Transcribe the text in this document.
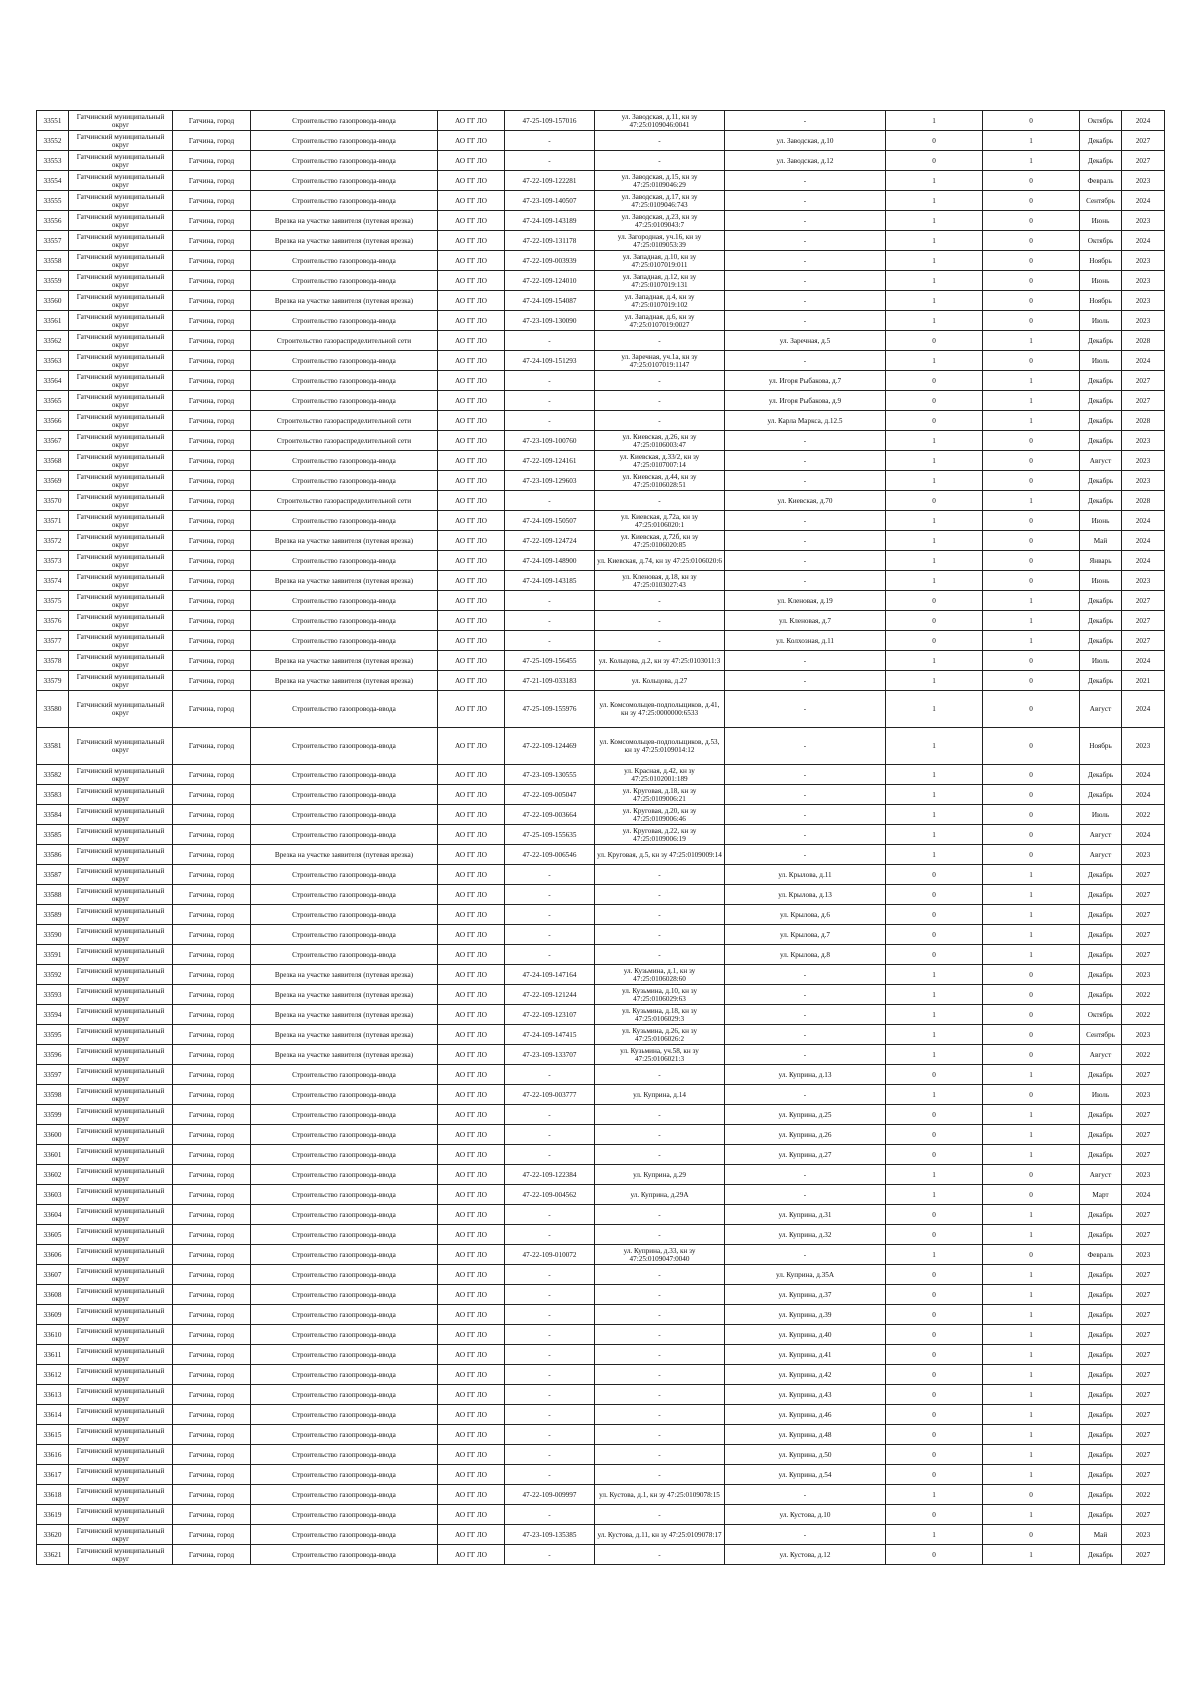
33551	Гатчинский муниципальный округ	Гатчина, город	Строительство газопровода-ввода	АО ГГ ЛО	47-25-109-157016	ул. Заводская, д.11, кн зу 47:25:0109046:0041	-	1	0	Октябрь	2024
33552	Гатчинский муниципальный округ	Гатчина, город	Строительство газопровода-ввода	АО ГГ ЛО	-	-	ул. Заводская, д.10	0	1	Декабрь	2027
33553	Гатчинский муниципальный округ	Гатчина, город	Строительство газопровода-ввода	АО ГГ ЛО	-	-	ул. Заводская, д.12	0	1	Декабрь	2027
33554	Гатчинский муниципальный округ	Гатчина, город	Строительство газопровода-ввода	АО ГГ ЛО	47-22-109-122281	ул. Заводская, д.15, кн зу 47:25:0109046:29	-	1	0	Февраль	2023
33555	Гатчинский муниципальный округ	Гатчина, город	Строительство газопровода-ввода	АО ГГ ЛО	47-23-109-140507	ул. Заводская, д.17, кн зу 47:25:0109046:743	-	1	0	Сентябрь	2024
33556	Гатчинский муниципальный округ	Гатчина, город	Врезка на участке заявителя (путевая врезка)	АО ГГ ЛО	47-24-109-143189	ул. Заводская, д.23, кн зу 47:25:0109043:7	-	1	0	Июнь	2023
33557	Гатчинский муниципальный округ	Гатчина, город	Врезка на участке заявителя (путевая врезка)	АО ГГ ЛО	47-22-109-131178	ул. Загородная, уч.16, кн зу 47:25:0109053:39	-	1	0	Октябрь	2024
33558	Гатчинский муниципальный округ	Гатчина, город	Строительство газопровода-ввода	АО ГГ ЛО	47-22-109-003939	ул. Западная, д.10, кн зу 47:25:0107019:011	-	1	0	Ноябрь	2023
33559	Гатчинский муниципальный округ	Гатчина, город	Строительство газопровода-ввода	АО ГГ ЛО	47-22-109-124010	ул. Западная, д.12, кн зу 47:25:0107019:131	-	1	0	Июнь	2023
33560	Гатчинский муниципальный округ	Гатчина, город	Врезка на участке заявителя (путевая врезка)	АО ГГ ЛО	47-24-109-154087	ул. Западная, д.4, кн зу 47:25:0107019:102	-	1	0	Ноябрь	2023
33561	Гатчинский муниципальный округ	Гатчина, город	Строительство газопровода-ввода	АО ГГ ЛО	47-23-109-130090	ул. Западная, д.6, кн зу 47:25:0107019:0027	-	1	0	Июль	2023
33562	Гатчинский муниципальный округ	Гатчина, город	Строительство газораспределительной сети	АО ГГ ЛО	-	-	ул. Заречная, д.5	0	1	Декабрь	2028
33563	Гатчинский муниципальный округ	Гатчина, город	Строительство газопровода-ввода	АО ГГ ЛО	47-24-109-151293	ул. Заречная, уч.1а, кн зу 47:25:0107019:1147	-	1	0	Июль	2024
33564	Гатчинский муниципальный округ	Гатчина, город	Строительство газопровода-ввода	АО ГГ ЛО	-	-	ул. Игоря Рыбакова, д.7	0	1	Декабрь	2027
33565	Гатчинский муниципальный округ	Гатчина, город	Строительство газопровода-ввода	АО ГГ ЛО	-	-	ул. Игоря Рыбакова, д.9	0	1	Декабрь	2027
33566	Гатчинский муниципальный округ	Гатчина, город	Строительство газораспределительной сети	АО ГГ ЛО	-	-	ул. Карла Маркса, д.12.5	0	1	Декабрь	2028
33567	Гатчинский муниципальный округ	Гатчина, город	Строительство газораспределительной сети	АО ГГ ЛО	47-23-109-100760	ул. Киевская, д.26, кн зу 47:25:0106003:47	-	1	0	Декабрь	2023
33568	Гатчинский муниципальный округ	Гатчина, город	Строительство газопровода-ввода	АО ГГ ЛО	47-22-109-124161	ул. Киевская, д.33/2, кн зу 47:25:0107007:14	-	1	0	Август	2023
33569	Гатчинский муниципальный округ	Гатчина, город	Строительство газопровода-ввода	АО ГГ ЛО	47-23-109-129603	ул. Киевская, д.44, кн зу 47:25:0106028:51	-	1	0	Декабрь	2023
33570	Гатчинский муниципальный округ	Гатчина, город	Строительство газораспределительной сети	АО ГГ ЛО	-	-	ул. Киевская, д.70	0	1	Декабрь	2028
33571	Гатчинский муниципальный округ	Гатчина, город	Строительство газопровода-ввода	АО ГГ ЛО	47-24-109-150507	ул. Киевская, д.72а, кн зу 47:25:0106020:1	-	1	0	Июнь	2024
33572	Гатчинский муниципальный округ	Гатчина, город	Врезка на участке заявителя (путевая врезка)	АО ГГ ЛО	47-22-109-124724	ул. Киевская, д.72б, кн зу 47:25:0106020:85	-	1	0	Май	2024
33573	Гатчинский муниципальный округ	Гатчина, город	Строительство газопровода-ввода	АО ГГ ЛО	47-24-109-148900	ул. Киевская, д.74, кн зу 47:25:0106020:6	-	1	0	Январь	2024
33574	Гатчинский муниципальный округ	Гатчина, город	Врезка на участке заявителя (путевая врезка)	АО ГГ ЛО	47-24-109-143185	ул. Кленовая, д.18, кн зу 47:25:0103027:43	-	1	0	Июнь	2023
33575	Гатчинский муниципальный округ	Гатчина, город	Строительство газопровода-ввода	АО ГГ ЛО	-	-	ул. Кленовая, д.19	0	1	Декабрь	2027
33576	Гатчинский муниципальный округ	Гатчина, город	Строительство газопровода-ввода	АО ГГ ЛО	-	-	ул. Кленовая, д.7	0	1	Декабрь	2027
33577	Гатчинский муниципальный округ	Гатчина, город	Строительство газопровода-ввода	АО ГГ ЛО	-	-	ул. Колхозная, д.11	0	1	Декабрь	2027
33578	Гатчинский муниципальный округ	Гатчина, город	Врезка на участке заявителя (путевая врезка)	АО ГГ ЛО	47-25-109-156455	ул. Кольцова, д.2, кн зу 47:25:0103011:3	-	1	0	Июль	2024
33579	Гатчинский муниципальный округ	Гатчина, город	Врезка на участке заявителя (путевая врезка)	АО ГГ ЛО	47-21-109-033183	ул. Кольцова, д.27	-	1	0	Декабрь	2021
33580	Гатчинский муниципальный округ	Гатчина, город	Строительство газопровода-ввода	АО ГГ ЛО	47-25-109-155976	ул. Комсомольцев-подпольщиков, д.41, кн зу 47:25:0000000:6533	-	1	0	Август	2024
33581	Гатчинский муниципальный округ	Гатчина, город	Строительство газопровода-ввода	АО ГГ ЛО	47-22-109-124469	ул. Комсомольцев-подпольщиков, д.53, кн зу 47:25:0109014:12	-	1	0	Ноябрь	2023
33582	Гатчинский муниципальный округ	Гатчина, город	Строительство газопровода-ввода	АО ГГ ЛО	47-23-109-130555	ул. Красная, д.42, кн зу 47:25:0102001:189	-	1	0	Декабрь	2024
33583	Гатчинский муниципальный округ	Гатчина, город	Строительство газопровода-ввода	АО ГГ ЛО	47-22-109-005047	ул. Круговая, д.18, кн зу 47:25:0109006:21	-	1	0	Декабрь	2024
33584	Гатчинский муниципальный округ	Гатчина, город	Строительство газопровода-ввода	АО ГГ ЛО	47-22-109-003664	ул. Круговая, д.20, кн зу 47:25:0109006:46	-	1	0	Июль	2022
33585	Гатчинский муниципальный округ	Гатчина, город	Строительство газопровода-ввода	АО ГГ ЛО	47-25-109-155635	ул. Круговая, д.22, кн зу 47:25:0109006:19	-	1	0	Август	2024
33586	Гатчинский муниципальный округ	Гатчина, город	Врезка на участке заявителя (путевая врезка)	АО ГГ ЛО	47-22-109-006546	ул. Круговая, д.5, кн зу 47:25:0109009:14	-	1	0	Август	2023
33587	Гатчинский муниципальный округ	Гатчина, город	Строительство газопровода-ввода	АО ГГ ЛО	-	-	ул. Крылова, д.11	0	1	Декабрь	2027
33588	Гатчинский муниципальный округ	Гатчина, город	Строительство газопровода-ввода	АО ГГ ЛО	-	-	ул. Крылова, д.13	0	1	Декабрь	2027
33589	Гатчинский муниципальный округ	Гатчина, город	Строительство газопровода-ввода	АО ГГ ЛО	-	-	ул. Крылова, д.6	0	1	Декабрь	2027
33590	Гатчинский муниципальный округ	Гатчина, город	Строительство газопровода-ввода	АО ГГ ЛО	-	-	ул. Крылова, д.7	0	1	Декабрь	2027
33591	Гатчинский муниципальный округ	Гатчина, город	Строительство газопровода-ввода	АО ГГ ЛО	-	-	ул. Крылова, д.8	0	1	Декабрь	2027
33592	Гатчинский муниципальный округ	Гатчина, город	Врезка на участке заявителя (путевая врезка)	АО ГГ ЛО	47-24-109-147164	ул. Кузьмина, д.1, кн зу 47:25:0106028:60	-	1	0	Декабрь	2023
33593	Гатчинский муниципальный округ	Гатчина, город	Врезка на участке заявителя (путевая врезка)	АО ГГ ЛО	47-22-109-121244	ул. Кузьмина, д.10, кн зу 47:25:0106029:63	-	1	0	Декабрь	2022
33594	Гатчинский муниципальный округ	Гатчина, город	Врезка на участке заявителя (путевая врезка)	АО ГГ ЛО	47-22-109-123107	ул. Кузьмина, д.18, кн зу 47:25:0106029:3	-	1	0	Октябрь	2022
33595	Гатчинский муниципальный округ	Гатчина, город	Врезка на участке заявителя (путевая врезка)	АО ГГ ЛО	47-24-109-147415	ул. Кузьмина, д.26, кн зу 47:25:0106026:2	-	1	0	Сентябрь	2023
33596	Гатчинский муниципальный округ	Гатчина, город	Врезка на участке заявителя (путевая врезка)	АО ГГ ЛО	47-23-109-133707	ул. Кузьмина, уч.58, кн зу 47:25:0106021:3	-	1	0	Август	2022
33597	Гатчинский муниципальный округ	Гатчина, город	Строительство газопровода-ввода	АО ГГ ЛО	-	-	ул. Куприна, д.13	0	1	Декабрь	2027
33598	Гатчинский муниципальный округ	Гатчина, город	Строительство газопровода-ввода	АО ГГ ЛО	47-22-109-003777	ул. Куприна, д.14	-	1	0	Июль	2023
33599	Гатчинский муниципальный округ	Гатчина, город	Строительство газопровода-ввода	АО ГГ ЛО	-	-	ул. Куприна, д.25	0	1	Декабрь	2027
33600	Гатчинский муниципальный округ	Гатчина, город	Строительство газопровода-ввода	АО ГГ ЛО	-	-	ул. Куприна, д.26	0	1	Декабрь	2027
33601	Гатчинский муниципальный округ	Гатчина, город	Строительство газопровода-ввода	АО ГГ ЛО	-	-	ул. Куприна, д.27	0	1	Декабрь	2027
33602	Гатчинский муниципальный округ	Гатчина, город	Строительство газопровода-ввода	АО ГГ ЛО	47-22-109-122384	ул. Куприна, д.29	-	1	0	Август	2023
33603	Гатчинский муниципальный округ	Гатчина, город	Строительство газопровода-ввода	АО ГГ ЛО	47-22-109-004562	ул. Куприна, д.29А	-	1	0	Март	2024
33604	Гатчинский муниципальный округ	Гатчина, город	Строительство газопровода-ввода	АО ГГ ЛО	-	-	ул. Куприна, д.31	0	1	Декабрь	2027
33605	Гатчинский муниципальный округ	Гатчина, город	Строительство газопровода-ввода	АО ГГ ЛО	-	-	ул. Куприна, д.32	0	1	Декабрь	2027
33606	Гатчинский муниципальный округ	Гатчина, город	Строительство газопровода-ввода	АО ГГ ЛО	47-22-109-010072	ул. Куприна, д.33, кн зу 47:25:0109047:0040	-	1	0	Февраль	2023
33607	Гатчинский муниципальный округ	Гатчина, город	Строительство газопровода-ввода	АО ГГ ЛО	-	-	ул. Куприна, д.35А	0	1	Декабрь	2027
33608	Гатчинский муниципальный округ	Гатчина, город	Строительство газопровода-ввода	АО ГГ ЛО	-	-	ул. Куприна, д.37	0	1	Декабрь	2027
33609	Гатчинский муниципальный округ	Гатчина, город	Строительство газопровода-ввода	АО ГГ ЛО	-	-	ул. Куприна, д.39	0	1	Декабрь	2027
33610	Гатчинский муниципальный округ	Гатчина, город	Строительство газопровода-ввода	АО ГГ ЛО	-	-	ул. Куприна, д.40	0	1	Декабрь	2027
33611	Гатчинский муниципальный округ	Гатчина, город	Строительство газопровода-ввода	АО ГГ ЛО	-	-	ул. Куприна, д.41	0	1	Декабрь	2027
33612	Гатчинский муниципальный округ	Гатчина, город	Строительство газопровода-ввода	АО ГГ ЛО	-	-	ул. Куприна, д.42	0	1	Декабрь	2027
33613	Гатчинский муниципальный округ	Гатчина, город	Строительство газопровода-ввода	АО ГГ ЛО	-	-	ул. Куприна, д.43	0	1	Декабрь	2027
33614	Гатчинский муниципальный округ	Гатчина, город	Строительство газопровода-ввода	АО ГГ ЛО	-	-	ул. Куприна, д.46	0	1	Декабрь	2027
33615	Гатчинский муниципальный округ	Гатчина, город	Строительство газопровода-ввода	АО ГГ ЛО	-	-	ул. Куприна, д.48	0	1	Декабрь	2027
33616	Гатчинский муниципальный округ	Гатчина, город	Строительство газопровода-ввода	АО ГГ ЛО	-	-	ул. Куприна, д.50	0	1	Декабрь	2027
33617	Гатчинский муниципальный округ	Гатчина, город	Строительство газопровода-ввода	АО ГГ ЛО	-	-	ул. Куприна, д.54	0	1	Декабрь	2027
33618	Гатчинский муниципальный округ	Гатчина, город	Строительство газопровода-ввода	АО ГГ ЛО	47-22-109-009997	ул. Кустова, д.1, кн зу 47:25:0109078:15	-	1	0	Декабрь	2022
33619	Гатчинский муниципальный округ	Гатчина, город	Строительство газопровода-ввода	АО ГГ ЛО	-	-	ул. Кустова, д.10	0	1	Декабрь	2027
33620	Гатчинский муниципальный округ	Гатчина, город	Строительство газопровода-ввода	АО ГГ ЛО	47-23-109-135385	ул. Кустова, д.11, кн зу 47:25:0109078:17	-	1	0	Май	2023
33621	Гатчинский муниципальный округ	Гатчина, город	Строительство газопровода-ввода	АО ГГ ЛО	-	-	ул. Кустова, д.12	0	1	Декабрь	2027
